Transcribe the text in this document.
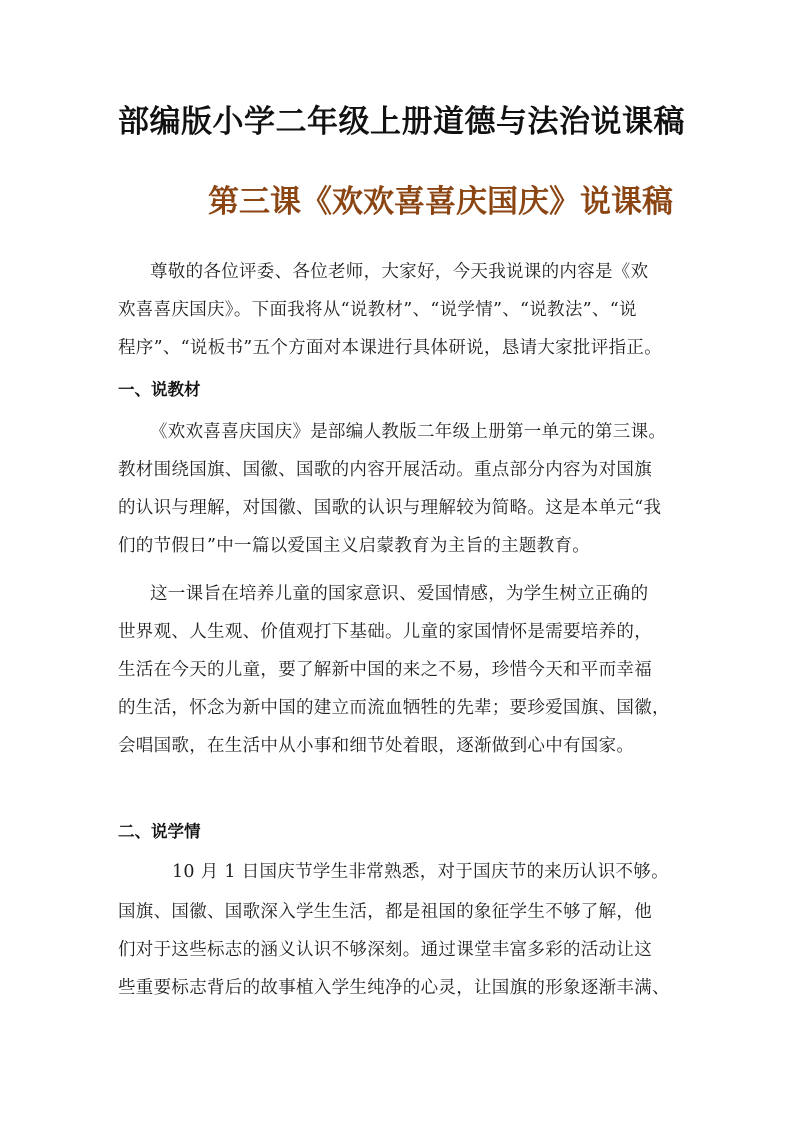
部编版小学二年级上册道德与法治说课稿
第三课《欢欢喜喜庆国庆》说课稿
尊敬的各位评委、各位老师，大家好，今天我说课的内容是《欢
欢喜喜庆国庆》。下面我将从“说教材”、“说学情”、“说教法”、“说
程序”、“说板书”五个方面对本课进行具体研说，恳请大家批评指正。
一、说教材
《欢欢喜喜庆国庆》是部编人教版二年级上册第一单元的第三课。
教材围绕国旗、国徽、国歌的内容开展活动。重点部分内容为对国旗
的认识与理解，对国徽、国歌的认识与理解较为简略。这是本单元“我
们的节假日”中一篇以爱国主义启蒙教育为主旨的主题教育。
这一课旨在培养儿童的国家意识、爱国情感，为学生树立正确的
世界观、人生观、价值观打下基础。儿童的家国情怀是需要培养的，
生活在今天的儿童，要了解新中国的来之不易，珍惜今天和平而幸福
的生活，怀念为新中国的建立而流血牺牲的先辈；要珍爱国旗、国徽，
会唱国歌，在生活中从小事和细节处着眼，逐渐做到心中有国家。
二、说学情
10 月 1 日国庆节学生非常熟悉，对于国庆节的来历认识不够。
国旗、国徽、国歌深入学生生活，都是祖国的象征学生不够了解，他
们对于这些标志的涵义认识不够深刻。通过课堂丰富多彩的活动让这
些重要标志背后的故事植入学生纯净的心灵，让国旗的形象逐渐丰满、
